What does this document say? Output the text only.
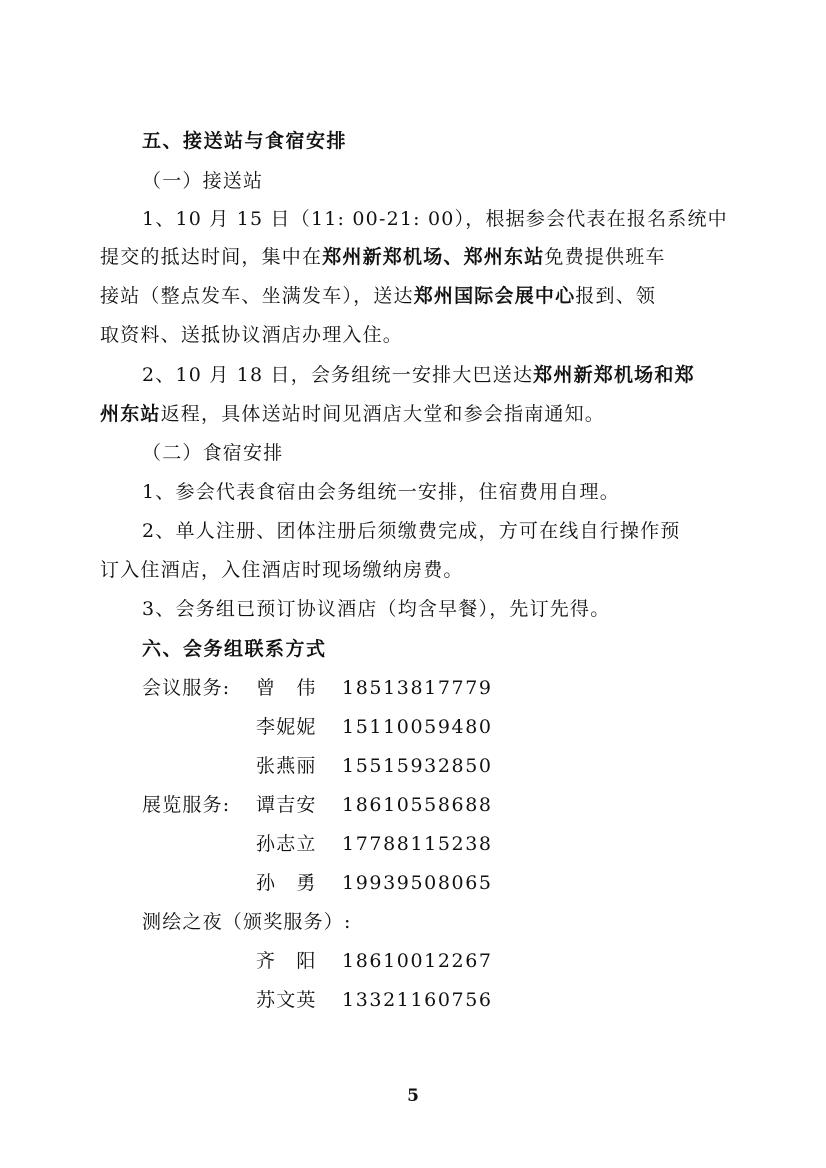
五、接送站与食宿安排
（一）接送站
1、10 月 15 日（11: 00-21: 00），根据参会代表在报名系统中
提交的抵达时间，集中在郑州新郑机场、郑州东站免费提供班车
接站（整点发车、坐满发车），送达郑州国际会展中心报到、领
取资料、送抵协议酒店办理入住。
2、10 月 18 日，会务组统一安排大巴送达郑州新郑机场和郑
州东站返程，具体送站时间见酒店大堂和参会指南通知。
（二）食宿安排
1、参会代表食宿由会务组统一安排，住宿费用自理。
2、单人注册、团体注册后须缴费完成，方可在线自行操作预
订入住酒店，入住酒店时现场缴纳房费。
3、会务组已预订协议酒店（均含早餐），先订先得。
六、会务组联系方式
会议服务: 曾　伟 18513817779
李妮妮 15110059480
张燕丽 15515932850
展览服务: 谭吉安 18610558688
孙志立 17788115238
孙　勇 19939508065
测绘之夜（颁奖服务）:
齐　阳 18610012267
苏文英 13321160756
5
